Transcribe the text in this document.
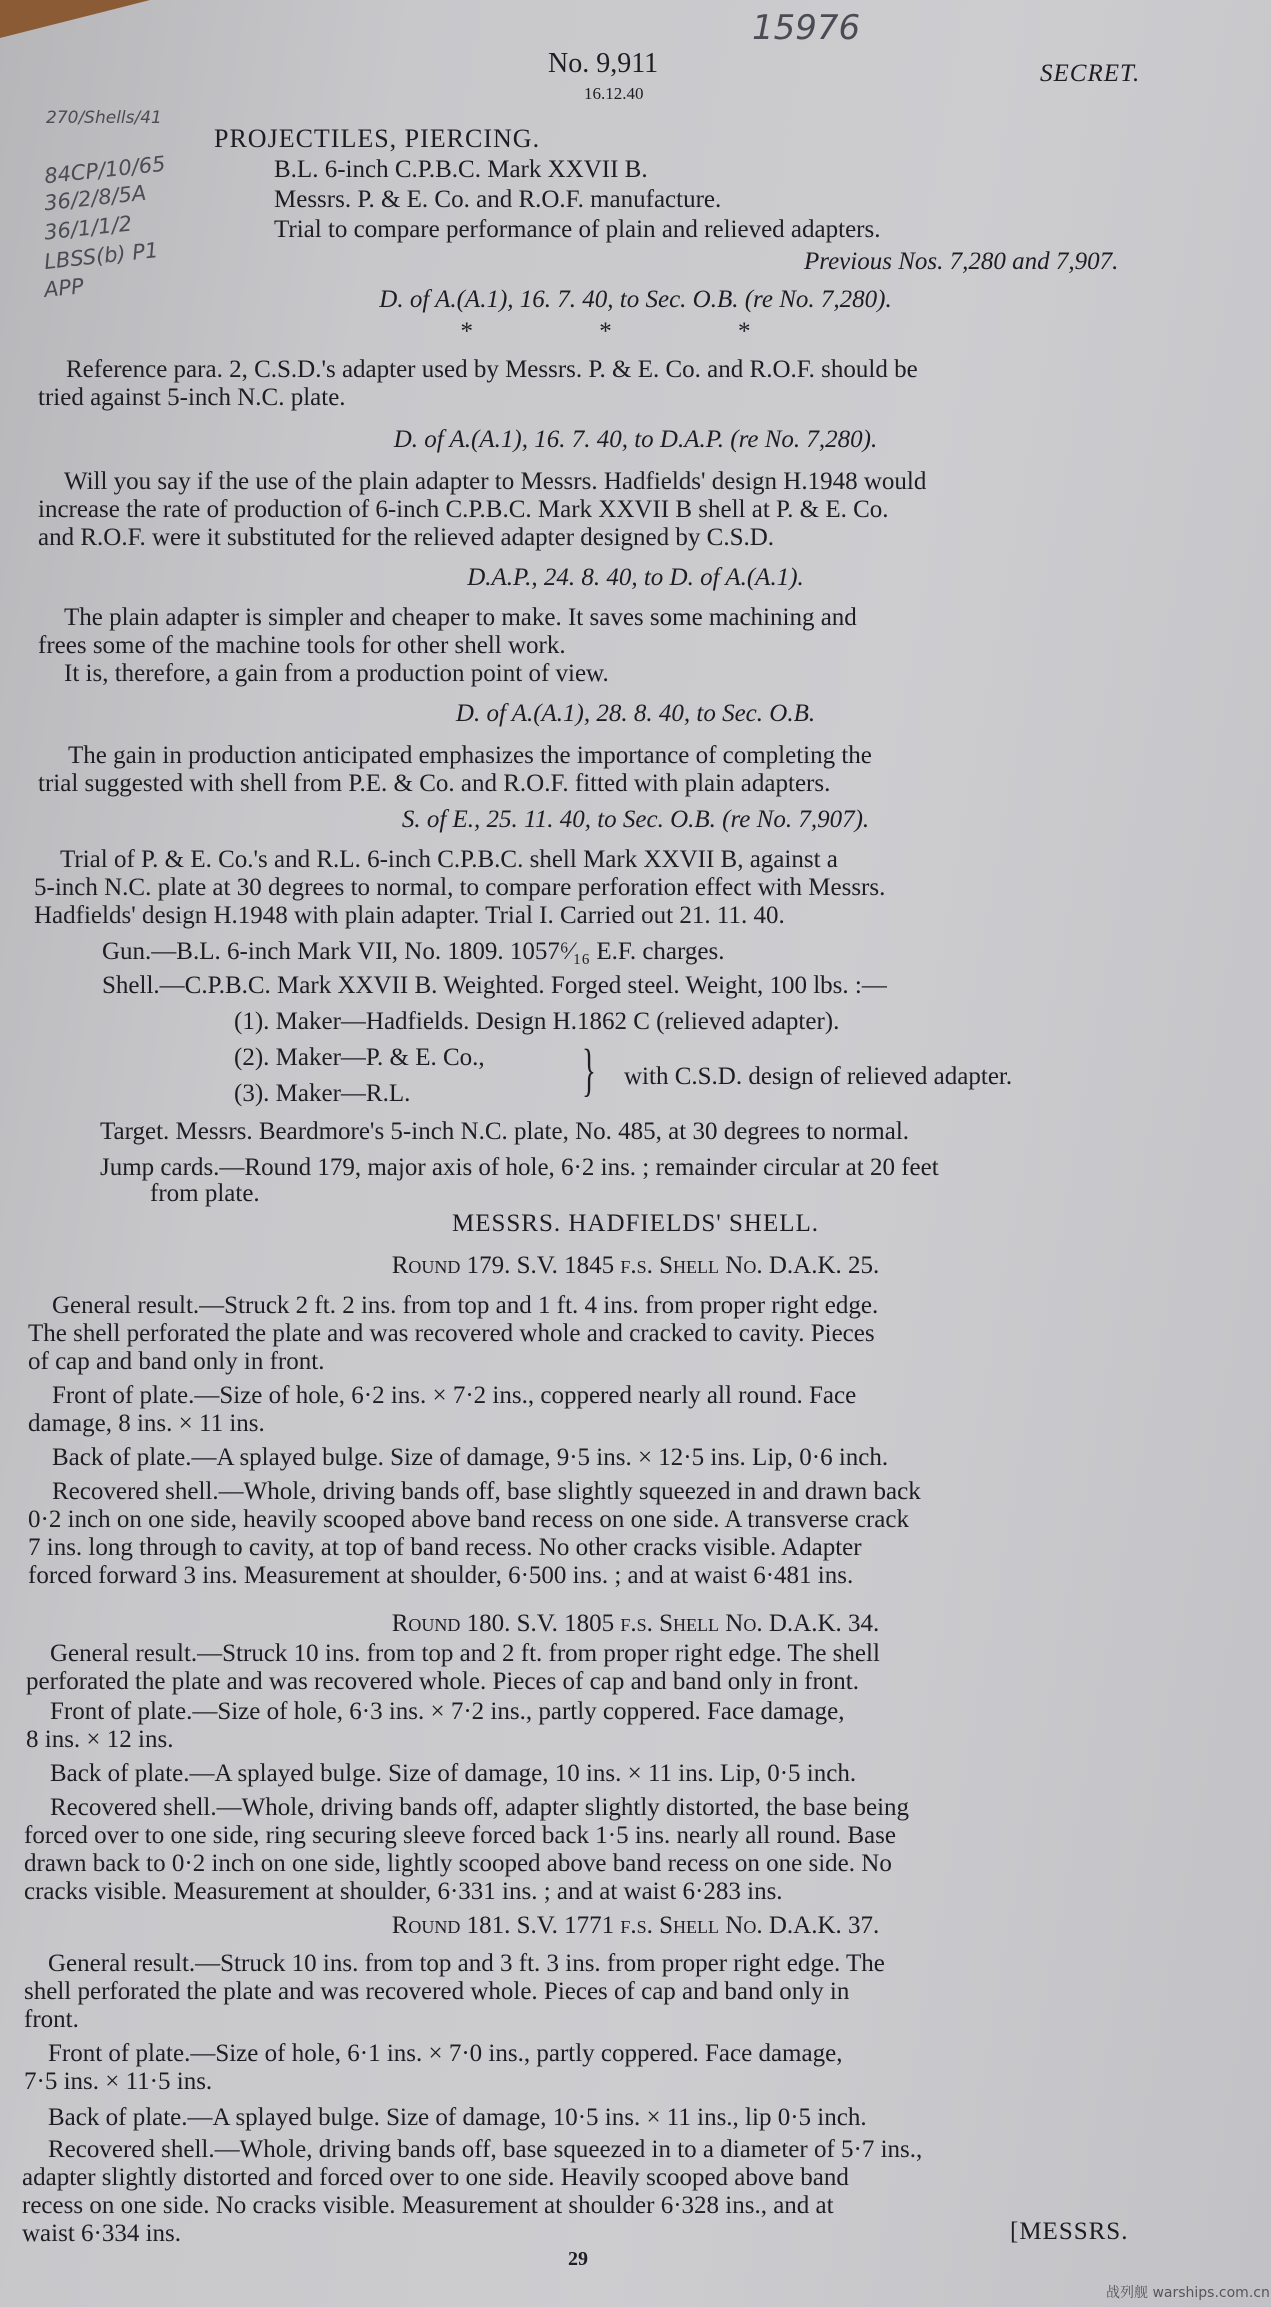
15976
No. 9,911
16.12.40
SECRET.
270/Shells/41
84CP/10/65
36/2/8/5A
36/1/1/2
LBSS(b) P1
APP
PROJECTILES, PIERCING.
B.L. 6-inch C.P.B.C. Mark XXVII B.
Messrs. P. & E. Co. and R.O.F. manufacture.
Trial to compare performance of plain and relieved adapters.
Previous Nos. 7,280 and 7,907.
D. of A.(A.1), 16. 7. 40, to Sec. O.B. (re No. 7,280).
* * *
Reference para. 2, C.S.D.'s adapter used by Messrs. P. & E. Co. and R.O.F. should be
tried against 5-inch N.C. plate.
D. of A.(A.1), 16. 7. 40, to D.A.P. (re No. 7,280).
Will you say if the use of the plain adapter to Messrs. Hadfields' design H.1948 would
increase the rate of production of 6-inch C.P.B.C. Mark XXVII B shell at P. & E. Co.
and R.O.F. were it substituted for the relieved adapter designed by C.S.D.
D.A.P., 24. 8. 40, to D. of A.(A.1).
The plain adapter is simpler and cheaper to make. It saves some machining and
frees some of the machine tools for other shell work.
It is, therefore, a gain from a production point of view.
D. of A.(A.1), 28. 8. 40, to Sec. O.B.
The gain in production anticipated emphasizes the importance of completing the
trial suggested with shell from P.E. & Co. and R.O.F. fitted with plain adapters.
S. of E., 25. 11. 40, to Sec. O.B. (re No. 7,907).
Trial of P. & E. Co.'s and R.L. 6-inch C.P.B.C. shell Mark XXVII B, against a
5-inch N.C. plate at 30 degrees to normal, to compare perforation effect with Messrs.
Hadfields' design H.1948 with plain adapter. Trial I. Carried out 21. 11. 40.
Gun.—B.L. 6-inch Mark VII, No. 1809. 1057⁶⁄₁₆ E.F. charges.
Shell.—C.P.B.C. Mark XXVII B. Weighted. Forged steel. Weight, 100 lbs. :—
(1). Maker—Hadfields. Design H.1862 C (relieved adapter).
(2). Maker—P. & E. Co.,
(3). Maker—R.L.	} with C.S.D. design of relieved adapter.
Target. Messrs. Beardmore's 5-inch N.C. plate, No. 485, at 30 degrees to normal.
Jump cards.—Round 179, major axis of hole, 6·2 ins. ; remainder circular at 20 feet
from plate.
MESSRS. HADFIELDS' SHELL.
Round 179. S.V. 1845 f.s. Shell No. D.A.K. 25.
General result.—Struck 2 ft. 2 ins. from top and 1 ft. 4 ins. from proper right edge.
The shell perforated the plate and was recovered whole and cracked to cavity. Pieces
of cap and band only in front.
Front of plate.—Size of hole, 6·2 ins. × 7·2 ins., coppered nearly all round. Face
damage, 8 ins. × 11 ins.
Back of plate.—A splayed bulge. Size of damage, 9·5 ins. × 12·5 ins. Lip, 0·6 inch.
Recovered shell.—Whole, driving bands off, base slightly squeezed in and drawn back
0·2 inch on one side, heavily scooped above band recess on one side. A transverse crack
7 ins. long through to cavity, at top of band recess. No other cracks visible. Adapter
forced forward 3 ins. Measurement at shoulder, 6·500 ins. ; and at waist 6·481 ins.
Round 180. S.V. 1805 f.s. Shell No. D.A.K. 34.
General result.—Struck 10 ins. from top and 2 ft. from proper right edge. The shell
perforated the plate and was recovered whole. Pieces of cap and band only in front.
Front of plate.—Size of hole, 6·3 ins. × 7·2 ins., partly coppered. Face damage,
8 ins. × 12 ins.
Back of plate.—A splayed bulge. Size of damage, 10 ins. × 11 ins. Lip, 0·5 inch.
Recovered shell.—Whole, driving bands off, adapter slightly distorted, the base being
forced over to one side, ring securing sleeve forced back 1·5 ins. nearly all round. Base
drawn back to 0·2 inch on one side, lightly scooped above band recess on one side. No
cracks visible. Measurement at shoulder, 6·331 ins. ; and at waist 6·283 ins.
Round 181. S.V. 1771 f.s. Shell No. D.A.K. 37.
General result.—Struck 10 ins. from top and 3 ft. 3 ins. from proper right edge. The
shell perforated the plate and was recovered whole. Pieces of cap and band only in
front.
Front of plate.—Size of hole, 6·1 ins. × 7·0 ins., partly coppered. Face damage,
7·5 ins. × 11·5 ins.
Back of plate.—A splayed bulge. Size of damage, 10·5 ins. × 11 ins., lip 0·5 inch.
Recovered shell.—Whole, driving bands off, base squeezed in to a diameter of 5·7 ins.,
adapter slightly distorted and forced over to one side. Heavily scooped above band
recess on one side. No cracks visible. Measurement at shoulder 6·328 ins., and at
waist 6·334 ins.
29
[MESSRS.
战列舰 warships.com.cn
